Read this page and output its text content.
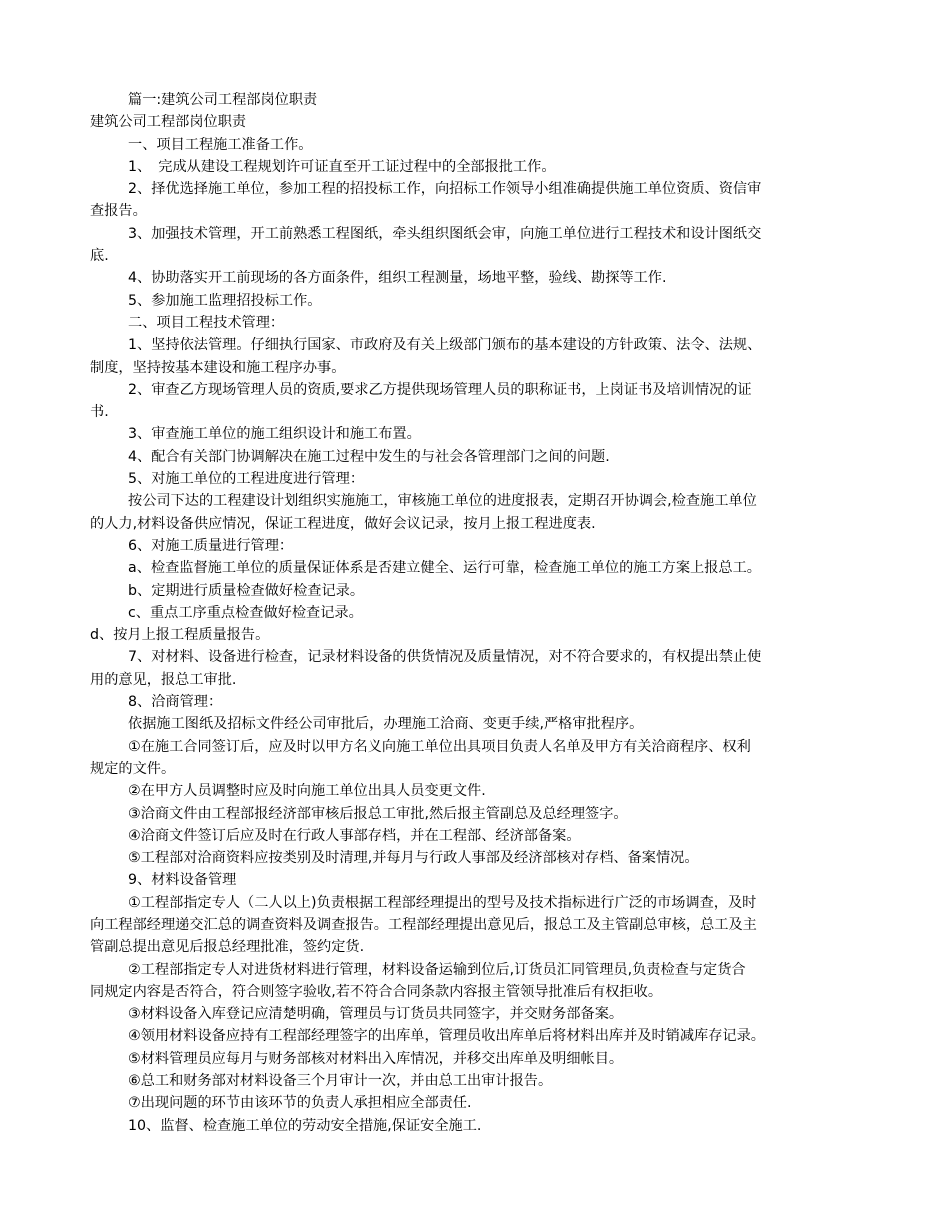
篇一:建筑公司工程部岗位职责
建筑公司工程部岗位职责
一、项目工程施工准备工作。
1、　完成从建设工程规划许可证直至开工证过程中的全部报批工作。
2、择优选择施工单位，参加工程的招投标工作，向招标工作领导小组准确提供施工单位资质、资信审
查报告。
3、加强技术管理，开工前熟悉工程图纸，牵头组织图纸会审，向施工单位进行工程技术和设计图纸交
底.
4、协助落实开工前现场的各方面条件，组织工程测量，场地平整，验线、勘探等工作.
5、参加施工监理招投标工作。
二、项目工程技术管理：
1、坚持依法管理。仔细执行国家、市政府及有关上级部门颁布的基本建设的方针政策、法令、法规、
制度，坚持按基本建设和施工程序办事。
2、审查乙方现场管理人员的资质,要求乙方提供现场管理人员的职称证书，上岗证书及培训情况的证
书.
3、审查施工单位的施工组织设计和施工布置。
4、配合有关部门协调解决在施工过程中发生的与社会各管理部门之间的问题.
5、对施工单位的工程进度进行管理：
按公司下达的工程建设计划组织实施施工，审核施工单位的进度报表，定期召开协调会,检查施工单位
的人力,材料设备供应情况，保证工程进度，做好会议记录，按月上报工程进度表.
6、对施工质量进行管理：
a、检查监督施工单位的质量保证体系是否建立健全、运行可靠，检查施工单位的施工方案上报总工。
b、定期进行质量检查做好检查记录。
c、重点工序重点检查做好检查记录。
d、按月上报工程质量报告。
7、对材料、设备进行检查，记录材料设备的供货情况及质量情况，对不符合要求的，有权提出禁止使
用的意见，报总工审批.
8、洽商管理：
依据施工图纸及招标文件经公司审批后，办理施工洽商、变更手续,严格审批程序。
①在施工合同签订后，应及时以甲方名义向施工单位出具项目负责人名单及甲方有关洽商程序、权利
规定的文件。
②在甲方人员调整时应及时向施工单位出具人员变更文件.
③洽商文件由工程部报经济部审核后报总工审批,然后报主管副总及总经理签字。
④洽商文件签订后应及时在行政人事部存档，并在工程部、经济部备案。
⑤工程部对洽商资料应按类别及时清理,并每月与行政人事部及经济部核对存档、备案情况。
9、材料设备管理
①工程部指定专人（二人以上)负责根据工程部经理提出的型号及技术指标进行广泛的市场调查，及时
向工程部经理递交汇总的调查资料及调查报告。工程部经理提出意见后，报总工及主管副总审核，总工及主
管副总提出意见后报总经理批准，签约定货.
②工程部指定专人对进货材料进行管理，材料设备运输到位后,订货员汇同管理员,负责检查与定货合
同规定内容是否符合，符合则签字验收,若不符合合同条款内容报主管领导批准后有权拒收。
③材料设备入库登记应清楚明确，管理员与订货员共同签字，并交财务部备案。
④领用材料设备应持有工程部经理签字的出库单，管理员收出库单后将材料出库并及时销减库存记录。
⑤材料管理员应每月与财务部核对材料出入库情况，并移交出库单及明细帐目。
⑥总工和财务部对材料设备三个月审计一次，并由总工出审计报告。
⑦出现问题的环节由该环节的负责人承担相应全部责任.
10、监督、检查施工单位的劳动安全措施,保证安全施工.
